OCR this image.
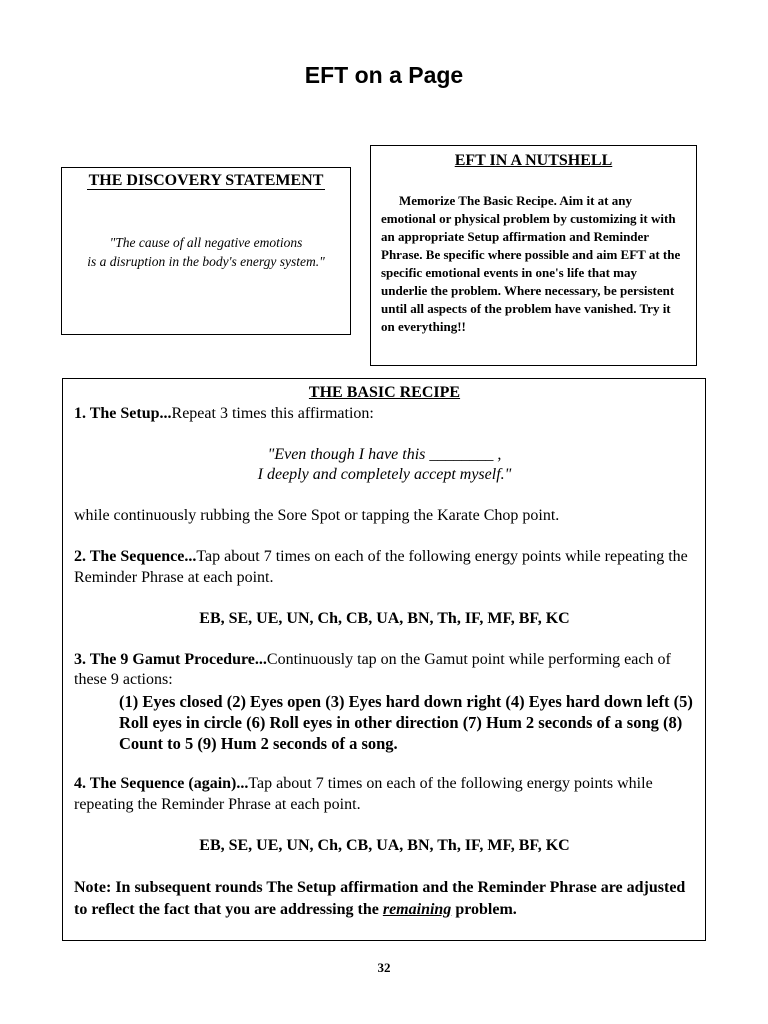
EFT on a Page
THE DISCOVERY STATEMENT
"The cause of all negative emotions
is a disruption in the body's energy system."
EFT IN A NUTSHELL

Memorize The Basic Recipe. Aim it at any emotional or physical problem by customizing it with an appropriate Setup affirmation and Reminder Phrase. Be specific where possible and aim EFT at the specific emotional events in one's life that may underlie the problem. Where necessary, be persistent until all aspects of the problem have vanished. Try it on everything!!

THE BASIC RECIPE
1. The Setup...Repeat 3 times this affirmation:
"Even though I have this ________ ,
I deeply and completely accept myself."
while continuously rubbing the Sore Spot or tapping the Karate Chop point.
2. The Sequence...Tap about 7 times on each of the following energy points while repeating the Reminder Phrase at each point.
EB, SE, UE, UN, Ch, CB, UA, BN, Th, IF, MF, BF, KC
3. The 9 Gamut Procedure...Continuously tap on the Gamut point while performing each of these 9 actions:
(1) Eyes closed (2) Eyes open (3) Eyes hard down right (4) Eyes hard down left (5) Roll eyes in circle (6) Roll eyes in other direction (7) Hum 2 seconds of a song (8) Count to 5 (9) Hum 2 seconds of a song.
4. The Sequence (again)...Tap about 7 times on each of the following energy points while repeating the Reminder Phrase at each point.
EB, SE, UE, UN, Ch, CB, UA, BN, Th, IF, MF, BF, KC
Note: In subsequent rounds The Setup affirmation and the Reminder Phrase are adjusted to reflect the fact that you are addressing the remaining problem.
32
